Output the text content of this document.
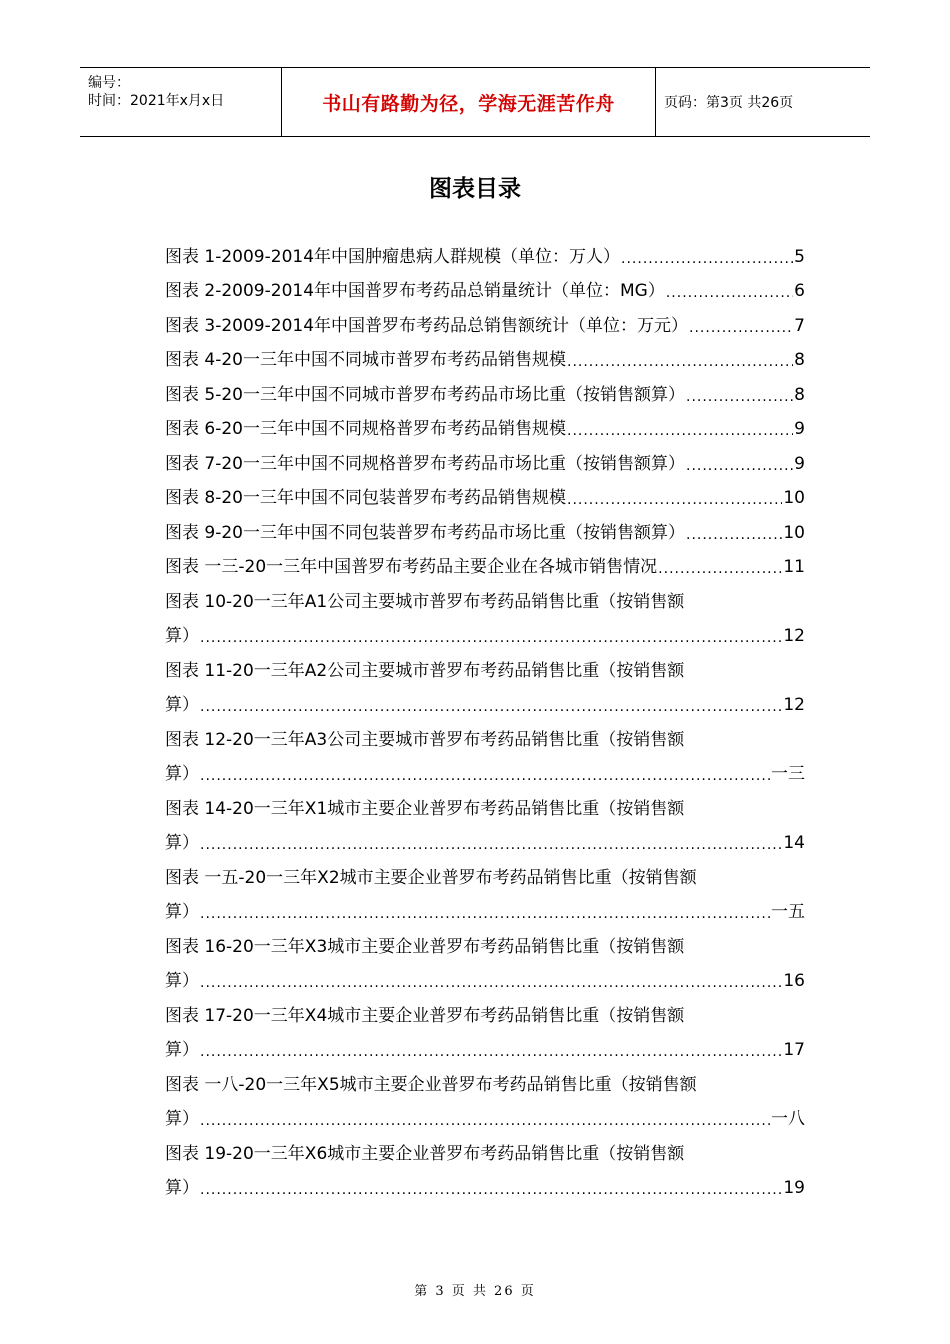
编号：
时间：2021年x月x日	书山有路勤为径，学海无涯苦作舟	页码：第3页 共26页
图表目录
图表 1-2009-2014年中国肿瘤患病人群规模（单位：万人） .....	5
图表 2-2009-2014年中国普罗布考药品总销量统计（单位：MG） .....	6
图表 3-2009-2014年中国普罗布考药品总销售额统计（单位：万元） .....	7
图表 4-20一三年中国不同城市普罗布考药品销售规模 .....	8
图表 5-20一三年中国不同城市普罗布考药品市场比重（按销售额算） .....	8
图表 6-20一三年中国不同规格普罗布考药品销售规模 .....	9
图表 7-20一三年中国不同规格普罗布考药品市场比重（按销售额算） .....	9
图表 8-20一三年中国不同包装普罗布考药品销售规模 .....	10
图表 9-20一三年中国不同包装普罗布考药品市场比重（按销售额算） .....	10
图表 一三-20一三年中国普罗布考药品主要企业在各城市销售情况 .....	11
图表 10-20一三年A1公司主要城市普罗布考药品销售比重（按销售额
算） .....	12
图表 11-20一三年A2公司主要城市普罗布考药品销售比重（按销售额
算） .....	12
图表 12-20一三年A3公司主要城市普罗布考药品销售比重（按销售额
算） .....	一三
图表 14-20一三年X1城市主要企业普罗布考药品销售比重（按销售额
算） .....	14
图表 一五-20一三年X2城市主要企业普罗布考药品销售比重（按销售额
算） .....	一五
图表 16-20一三年X3城市主要企业普罗布考药品销售比重（按销售额
算） .....	16
图表 17-20一三年X4城市主要企业普罗布考药品销售比重（按销售额
算） .....	17
图表 一八-20一三年X5城市主要企业普罗布考药品销售比重（按销售额
算） .....	一八
图表 19-20一三年X6城市主要企业普罗布考药品销售比重（按销售额
算） .....	19
第 3 页 共 26 页
